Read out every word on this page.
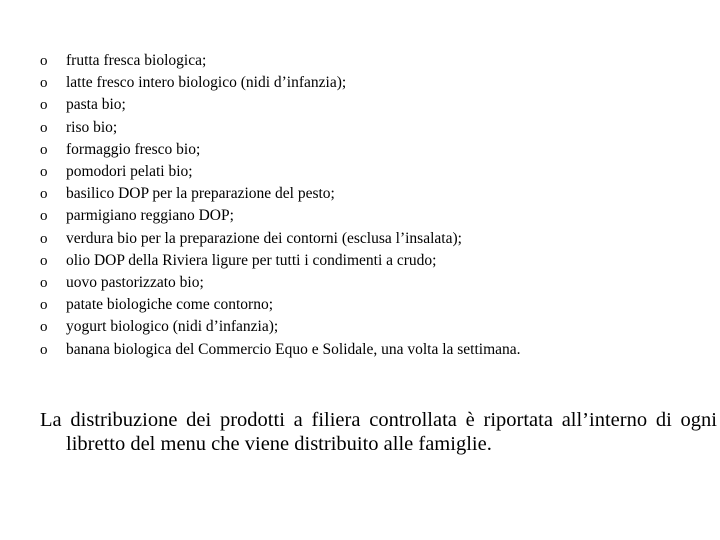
o frutta fresca biologica;
o latte fresco intero biologico (nidi d’infanzia);
o pasta bio;
o riso bio;
o formaggio fresco bio;
o pomodori pelati bio;
o basilico DOP per la preparazione del pesto;
o parmigiano reggiano DOP;
o verdura bio per la preparazione dei contorni (esclusa l’insalata);
o olio DOP della Riviera ligure per tutti i condimenti a crudo;
o uovo pastorizzato bio;
o patate biologiche come contorno;
o yogurt biologico (nidi d’infanzia);
o banana biologica del Commercio Equo e Solidale, una volta la settimana.

La distribuzione dei prodotti a filiera controllata è riportata all’interno di ogni libretto del menu che viene distribuito alle famiglie.
